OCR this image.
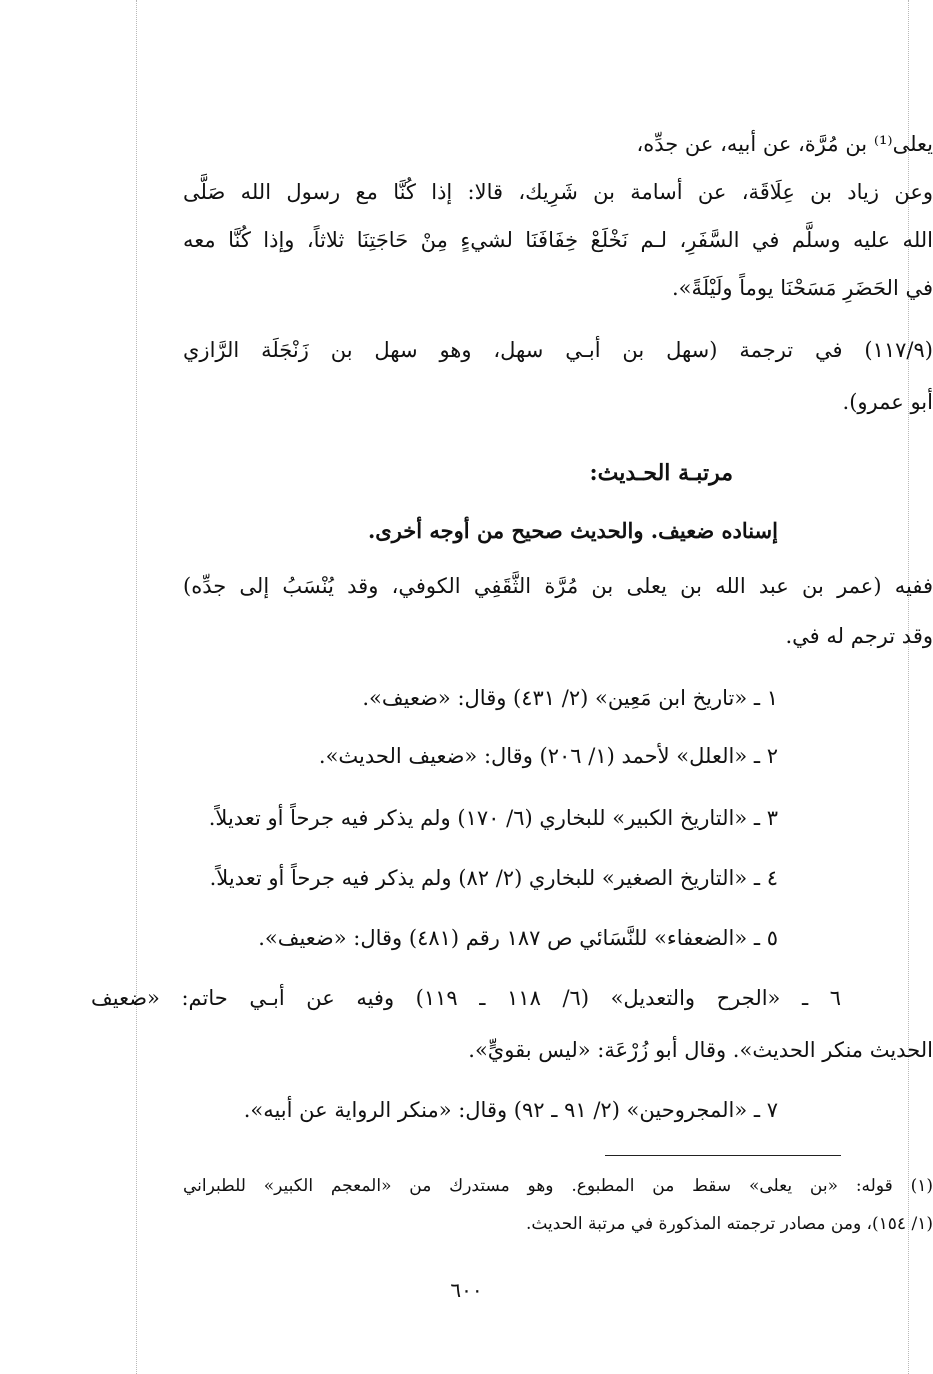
يعلى⁽¹⁾ بن مُرَّة، عن أبيه، عن جدِّه،
وعن زياد بن عِلَاقَة، عن أسامة بن شَرِيك، قالا: إذا كُنَّا مع رسول الله صَلَّى
الله عليه وسلَّم في السَّفَرِ، لـم نَخْلَعْ خِفَافَنَا لشيءٍ مِنْ حَاجَتِنَا ثلاثاً، وإذا كُنَّا معه
في الحَضَرِ مَسَحْنَا يوماً ولَيْلَةً».
(١١٧/٩) في ترجمة (سهل بن أبـي سهل، وهو سهل بن زَنْجَلَة الرَّازي
أبو عمرو).
مرتبـة الحـديث:
إسناده ضعيف. والحديث صحيح من أوجه أخرى.
ففيه (عمر بن عبد الله بن يعلى بن مُرَّة الثَّقَفِي الكوفي، وقد يُنْسَبُ إلى جدِّه)
وقد ترجم له في.
١ ـ «تاريخ ابن مَعِين» (٢/ ٤٣١) وقال: «ضعيف».
٢ ـ «العلل» لأحمد (١/ ٢٠٦) وقال: «ضعيف الحديث».
٣ ـ «التاريخ الكبير» للبخاري (٦/ ١٧٠) ولم يذكر فيه جرحاً أو تعديلاً.
٤ ـ «التاريخ الصغير» للبخاري (٢/ ٨٢) ولم يذكر فيه جرحاً أو تعديلاً.
٥ ـ «الضعفاء» للنَّسَائي ص ١٨٧ رقم (٤٨١) وقال: «ضعيف».
٦ ـ «الجرح والتعديل» (٦/ ١١٨ ـ ١١٩) وفيه عن أبـي حاتم: «ضعيف
الحديث منكر الحديث». وقال أبو زُرْعَة: «ليس بقويٍّ».
٧ ـ «المجروحين» (٢/ ٩١ ـ ٩٢) وقال: «منكر الرواية عن أبيه».
(١) قوله: «بن يعلى» سقط من المطبوع. وهو مستدرك من «المعجم الكبير» للطبراني
(١/ ١٥٤)، ومن مصادر ترجمته المذكورة في مرتبة الحديث.
٦٠٠
